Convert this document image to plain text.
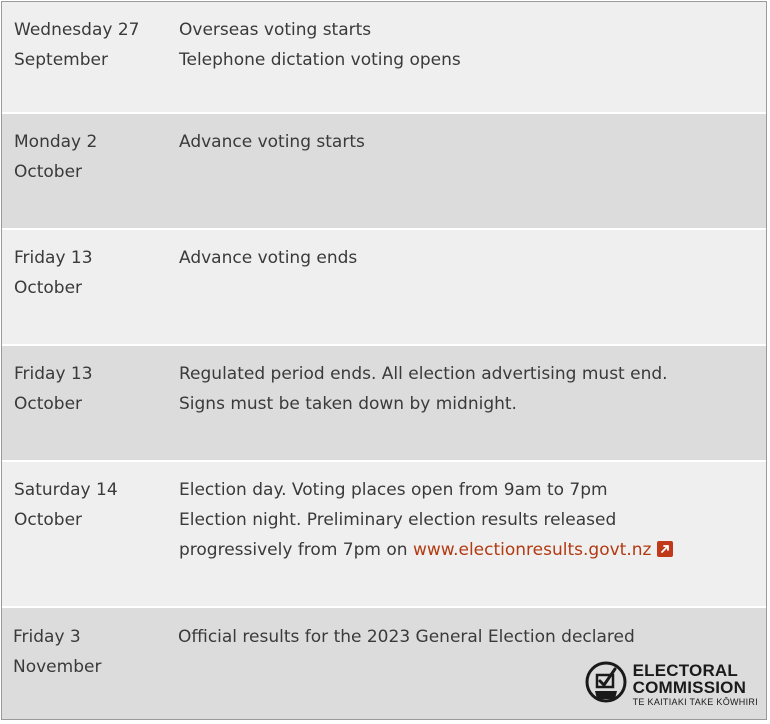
Wednesday 27
September
Overseas voting starts
Telephone dictation voting opens
Monday 2
October
Advance voting starts
Friday 13
October
Advance voting ends
Friday 13
October
Regulated period ends. All election advertising must end.
Signs must be taken down by midnight.
Saturday 14
October
Election day. Voting places open from 9am to 7pm
Election night. Preliminary election results released
progressively from 7pm on www.electionresults.govt.nz
Friday 3
November
Official results for the 2023 General Election declared
ELECTORAL
COMMISSION
TE KAITIAKI TAKE KŌWHIRI
